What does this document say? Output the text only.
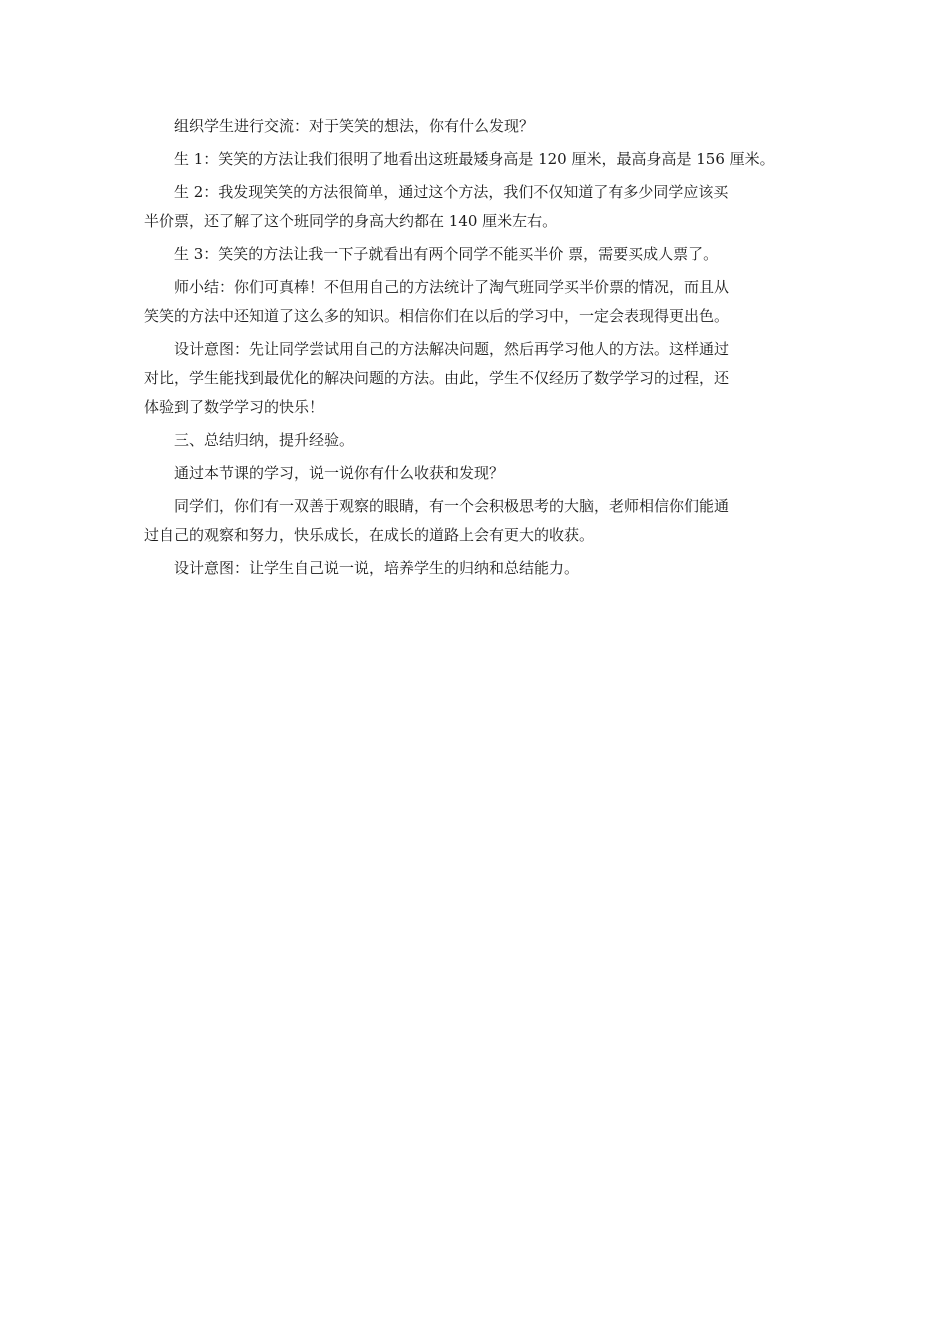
组织学生进行交流：对于笑笑的想法，你有什么发现？

生 1：笑笑的方法让我们很明了地看出这班最矮身高是 120 厘米，最高身高是 156 厘米。

生 2：我发现笑笑的方法很简单，通过这个方法，我们不仅知道了有多少同学应该买
半价票，还了解了这个班同学的身高大约都在 140 厘米左右。

生 3：笑笑的方法让我一下子就看出有两个同学不能买半价 票，需要买成人票了。

师小结：你们可真棒！不但用自己的方法统计了淘气班同学买半价票的情况，而且从
笑笑的方法中还知道了这么多的知识。相信你们在以后的学习中，一定会表现得更出色。

设计意图：先让同学尝试用自己的方法解决问题，然后再学习他人的方法。这样通过
对比，学生能找到最优化的解决问题的方法。由此，学生不仅经历了数学学习的过程，还
体验到了数学学习的快乐！

三、总结归纳，提升经验。

通过本节课的学习，说一说你有什么收获和发现？

同学们，你们有一双善于观察的眼睛，有一个会积极思考的大脑，老师相信你们能通
过自己的观察和努力，快乐成长，在成长的道路上会有更大的收获。

设计意图：让学生自己说一说，培养学生的归纳和总结能力。
